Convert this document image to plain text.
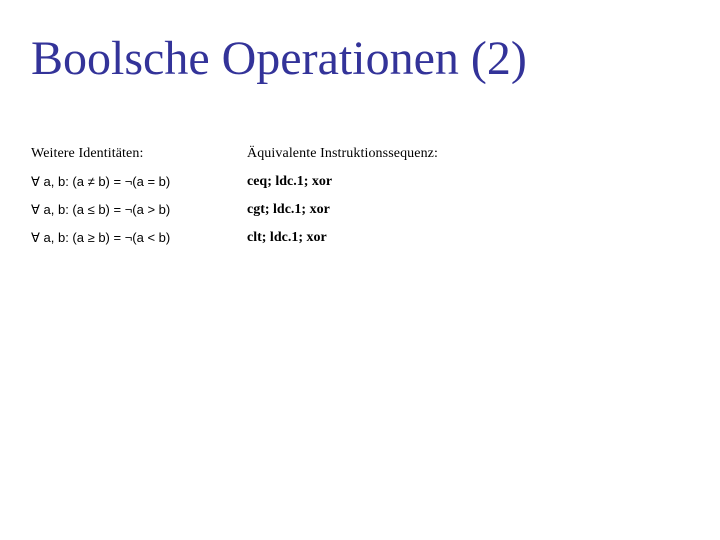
Boolsche Operationen (2)
Weitere Identitäten:
∀ a, b: (a ≠ b) = ¬(a = b)
∀ a, b: (a ≤ b) = ¬(a > b)
∀ a, b: (a ≥ b) = ¬(a < b)
Äquivalente Instruktionssequenz:
ceq; ldc.1; xor
cgt; ldc.1; xor
clt; ldc.1; xor
